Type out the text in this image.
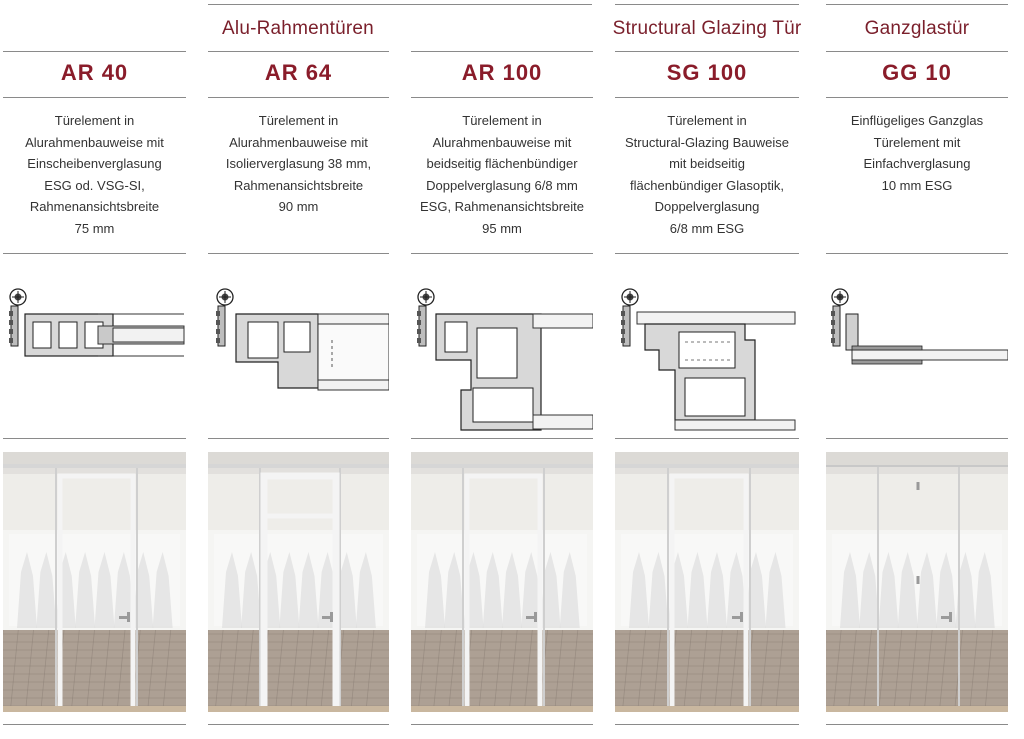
Alu-Rahmentüren	Structural Glazing Tür	Ganzglastür
AR 40
Türelement in
Alurahmenbauweise mit
Einscheibenverglasung
ESG od. VSG-SI,
Rahmenansichtsbreite
75 mm
AR 64
Türelement in
Alurahmenbauweise mit
Isolierverglasung 38 mm,
Rahmenansichtsbreite
90 mm
AR 100
Türelement in
Alurahmenbauweise mit
beidseitig flächenbündiger
Doppelverglasung 6/8 mm
ESG, Rahmenansichtsbreite
95 mm
SG 100
Türelement in
Structural-Glazing Bauweise
mit beidseitig
flächenbündiger Glasoptik,
Doppelverglasung
6/8 mm ESG
GG 10
Einflügeliges Ganzglas
Türelement mit
Einfachverglasung
10 mm ESG
